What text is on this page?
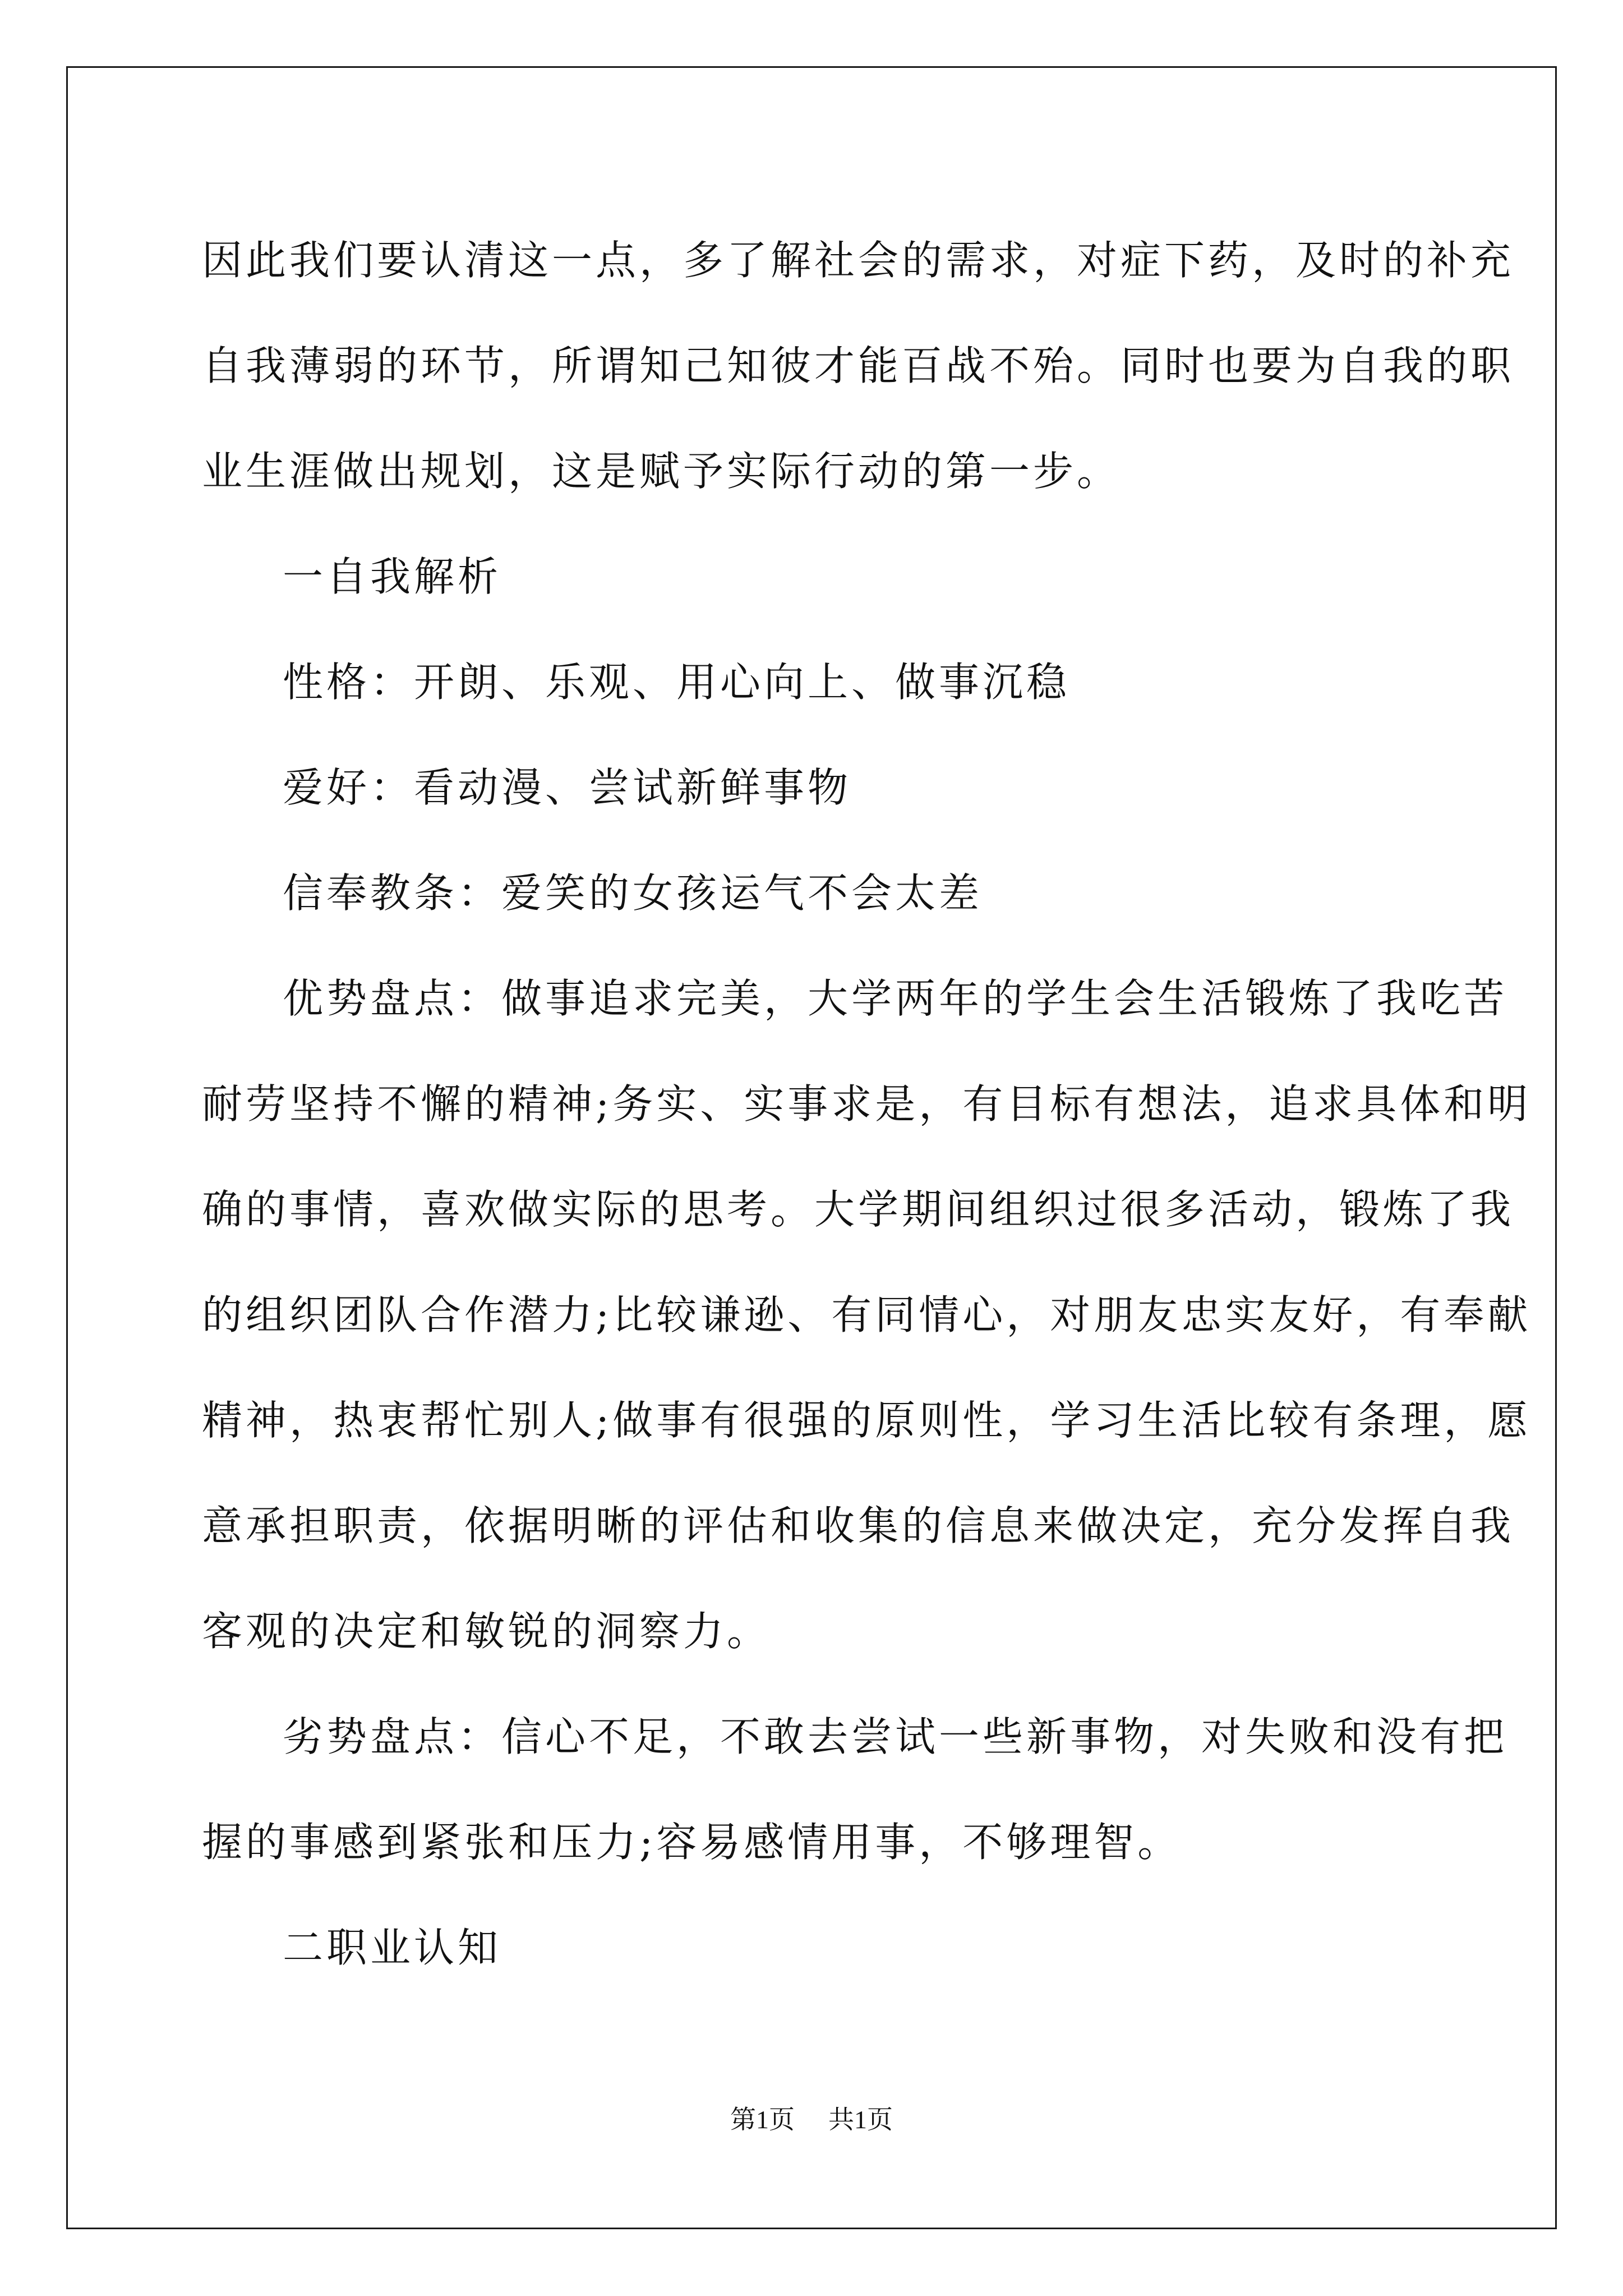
因此我们要认清这一点，多了解社会的需求，对症下药，及时的补充
自我薄弱的环节，所谓知己知彼才能百战不殆。同时也要为自我的职
业生涯做出规划，这是赋予实际行动的第一步。
一自我解析
性格：开朗、乐观、用心向上、做事沉稳
爱好：看动漫、尝试新鲜事物
信奉教条：爱笑的女孩运气不会太差
优势盘点：做事追求完美，大学两年的学生会生活锻炼了我吃苦
耐劳坚持不懈的精神;务实、实事求是，有目标有想法，追求具体和明
确的事情，喜欢做实际的思考。大学期间组织过很多活动，锻炼了我
的组织团队合作潜力;比较谦逊、有同情心，对朋友忠实友好，有奉献
精神，热衷帮忙别人;做事有很强的原则性，学习生活比较有条理，愿
意承担职责，依据明晰的评估和收集的信息来做决定，充分发挥自我
客观的决定和敏锐的洞察力。
劣势盘点：信心不足，不敢去尝试一些新事物，对失败和没有把
握的事感到紧张和压力;容易感情用事，不够理智。
二职业认知
第1页 共1页
